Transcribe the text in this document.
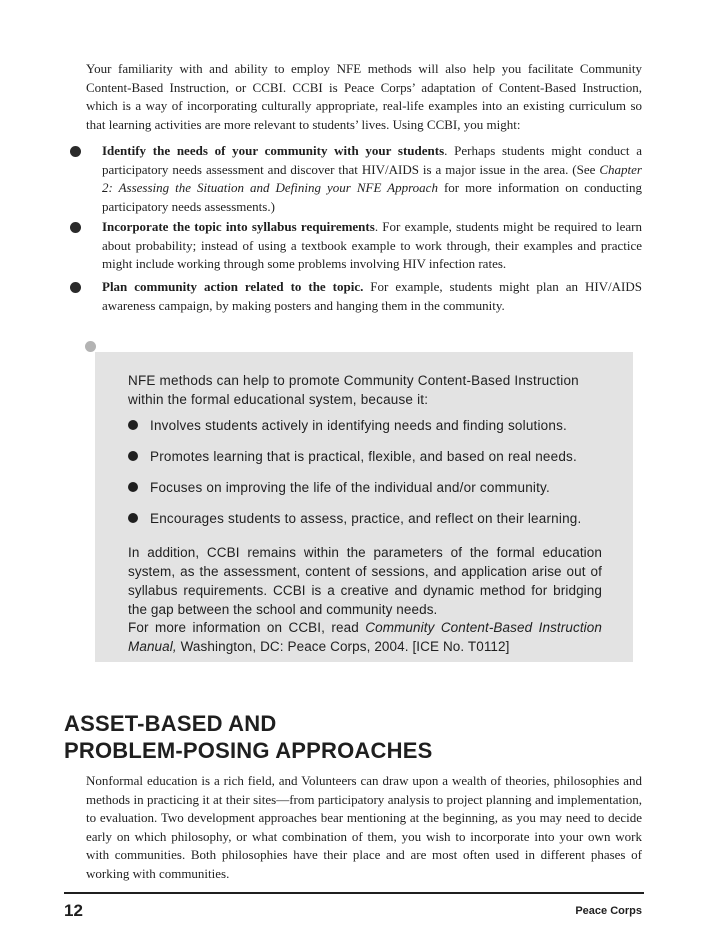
Your familiarity with and ability to employ NFE methods will also help you facilitate Community Content-Based Instruction, or CCBI. CCBI is Peace Corps’ adaptation of Content-Based Instruction, which is a way of incorporating culturally appropriate, real-life examples into an existing curriculum so that learning activities are more relevant to students’ lives. Using CCBI, you might:

Identify the needs of your community with your students. Perhaps students might conduct a participatory needs assessment and discover that HIV/AIDS is a major issue in the area. (See Chapter 2: Assessing the Situation and Defining your NFE Approach for more information on conducting participatory needs assessments.)

Incorporate the topic into syllabus requirements. For example, students might be required to learn about probability; instead of using a textbook example to work through, their examples and practice might include working through some problems involving HIV infection rates.

Plan community action related to the topic. For example, students might plan an HIV/AIDS awareness campaign, by making posters and hanging them in the community.

NFE methods can help to promote Community Content-Based Instruction within the formal educational system, because it:

Involves students actively in identifying needs and finding solutions.
Promotes learning that is practical, flexible, and based on real needs.
Focuses on improving the life of the individual and/or community.
Encourages students to assess, practice, and reflect on their learning.

In addition, CCBI remains within the parameters of the formal education system, as the assessment, content of sessions, and application arise out of syllabus requirements. CCBI is a creative and dynamic method for bridging the gap between the school and community needs.

For more information on CCBI, read Community Content-Based Instruction Manual, Washington, DC: Peace Corps, 2004. [ICE No. T0112]

ASSET-BASED AND
PROBLEM-POSING APPROACHES

Nonformal education is a rich field, and Volunteers can draw upon a wealth of theories, philosophies and methods in practicing it at their sites—from participatory analysis to project planning and implementation, to evaluation. Two development approaches bear mentioning at the beginning, as you may need to decide early on which philosophy, or what combination of them, you wish to incorporate into your own work with communities. Both philosophies have their place and are most often used in different phases of working with communities.

12	Peace Corps
